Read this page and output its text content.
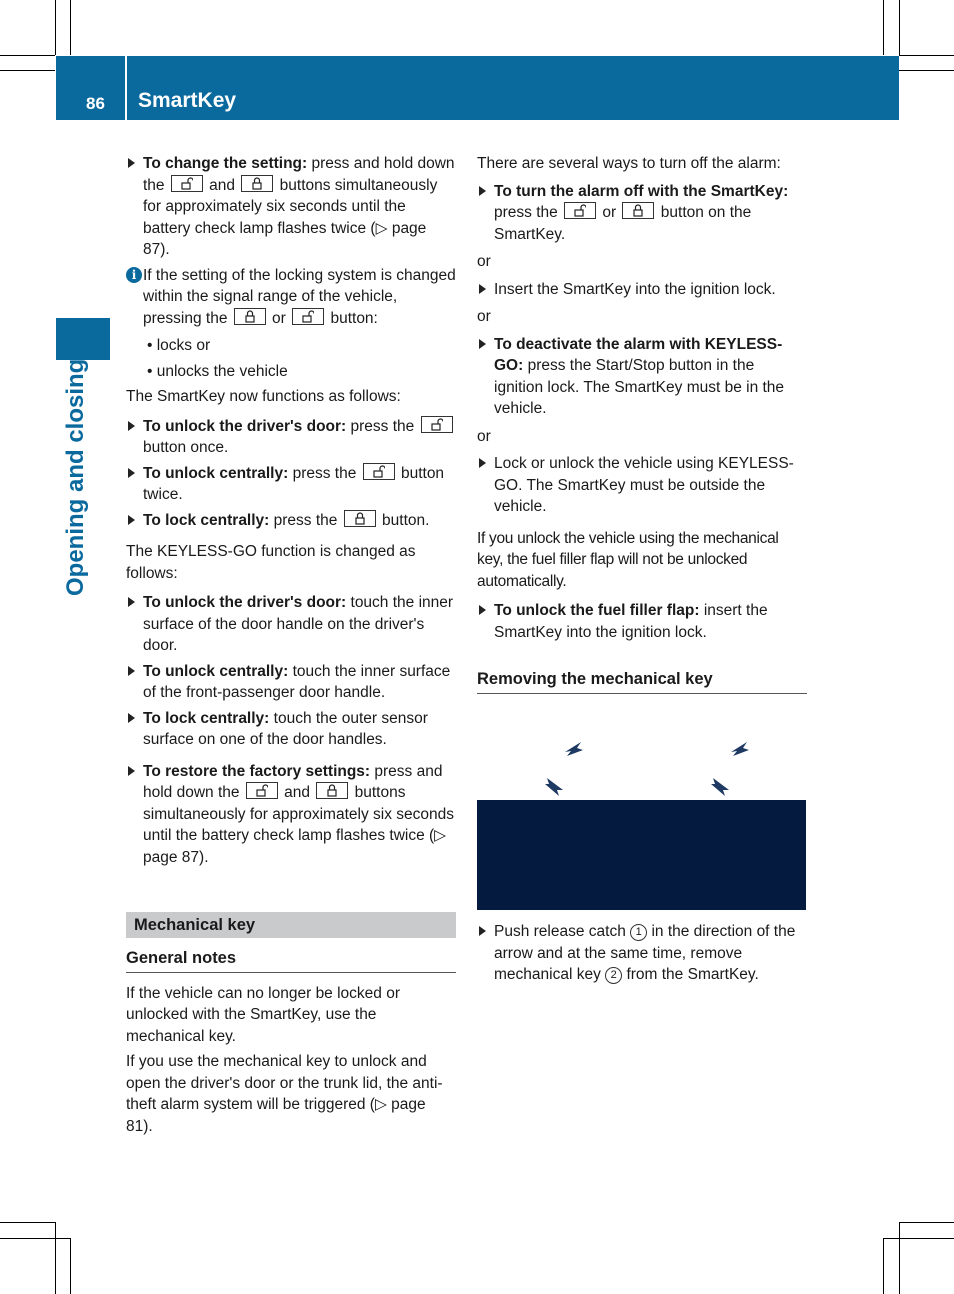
86 SmartKey
Opening and closing
To change the setting: press and hold down the
and
buttons simultaneously for approximately six seconds until the battery check lamp flashes twice (▷ page 87).
i If the setting of the locking system is changed within the signal range of the vehicle, pressing the
or
button:
• locks or
• unlocks the vehicle

The SmartKey now functions as follows:

To unlock the driver's door: press the
button once.
To unlock centrally: press the
button twice.
To lock centrally: press the
button.

The KEYLESS-GO function is changed as follows:

To unlock the driver's door: touch the inner surface of the door handle on the driver's door.
To unlock centrally: touch the inner surface of the front-passenger door handle.
To lock centrally: touch the outer sensor surface on one of the door handles.
To restore the factory settings: press and hold down the
and
buttons simultaneously for approximately six seconds until the battery check lamp flashes twice (▷ page 87).
Mechanical key
General notes

If the vehicle can no longer be locked or unlocked with the SmartKey, use the mechanical key.

If you use the mechanical key to unlock and open the driver's door or the trunk lid, the anti-theft alarm system will be triggered (▷ page 81).

There are several ways to turn off the alarm:

To turn the alarm off with the SmartKey: press the
or
button on the SmartKey.
or
Insert the SmartKey into the ignition lock.
or
To deactivate the alarm with KEYLESS-GO: press the Start/Stop button in the ignition lock. The SmartKey must be in the vehicle.
or
Lock or unlock the vehicle using KEYLESS-GO. The SmartKey must be outside the vehicle.

If you unlock the vehicle using the mechanical key, the fuel filler flap will not be unlocked automatically.

To unlock the fuel filler flap: insert the SmartKey into the ignition lock.
Removing the mechanical key
Push release catch 1 in the direction of the arrow and at the same time, remove mechanical key 2 from the SmartKey.
